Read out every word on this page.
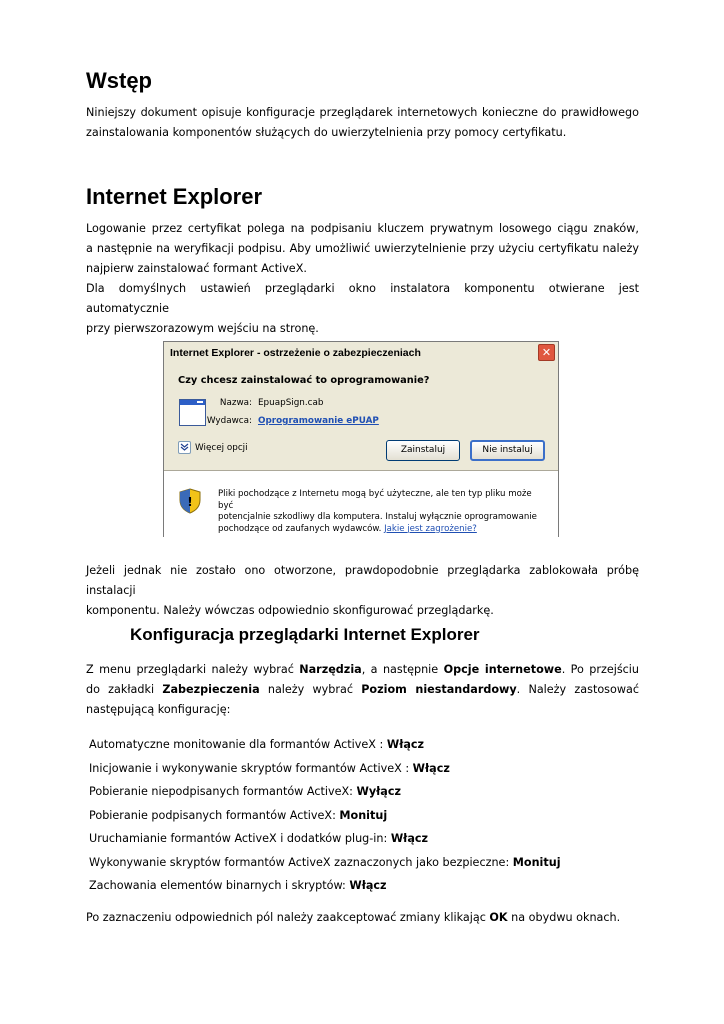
Wstęp

Niniejszy dokument opisuje konfiguracje przeglądarek internetowych konieczne do prawidłowego
zainstalowania komponentów służących do uwierzytelnienia przy pomocy certyfikatu.

Internet Explorer

Logowanie przez certyfikat polega na podpisaniu kluczem prywatnym losowego ciągu znaków,
a następnie na weryfikacji podpisu. Aby umożliwić uwierzytelnienie przy użyciu certyfikatu należy
najpierw zainstalować formant ActiveX.
Dla domyślnych ustawień przeglądarki okno instalatora komponentu otwierane jest automatycznie
przy pierwszorazowym wejściu na stronę.

Internet Explorer - ostrzeżenie o zabezpieczeniach	✕
Czy chcesz zainstalować to oprogramowanie?
Nazwa: EpuapSign.cab
Wydawca: Oprogramowanie ePUAP
Więcej opcji	Zainstaluj	Nie instaluj
!
Pliki pochodzące z Internetu mogą być użyteczne, ale ten typ pliku może być
potencjalnie szkodliwy dla komputera. Instaluj wyłącznie oprogramowanie
pochodzące od zaufanych wydawców. Jakie jest zagrożenie?

Jeżeli jednak nie zostało ono otworzone, prawdopodobnie przeglądarka zablokowała próbę instalacji
komponentu. Należy wówczas odpowiednio skonfigurować przeglądarkę.

Konfiguracja przeglądarki Internet Explorer

Z menu przeglądarki należy wybrać Narzędzia, a następnie Opcje internetowe. Po przejściu
do zakładki Zabezpieczenia należy wybrać Poziom niestandardowy. Należy zastosować
następującą konfigurację:

Automatyczne monitowanie dla formantów ActiveX : Włącz
Inicjowanie i wykonywanie skryptów formantów ActiveX : Włącz
Pobieranie niepodpisanych formantów ActiveX: Wyłącz
Pobieranie podpisanych formantów ActiveX: Monituj
Uruchamianie formantów ActiveX i dodatków plug-in: Włącz
Wykonywanie skryptów formantów ActiveX zaznaczonych jako bezpieczne: Monituj
Zachowania elementów binarnych i skryptów: Włącz

Po zaznaczeniu odpowiednich pól należy zaakceptować zmiany klikając OK na obydwu oknach.
